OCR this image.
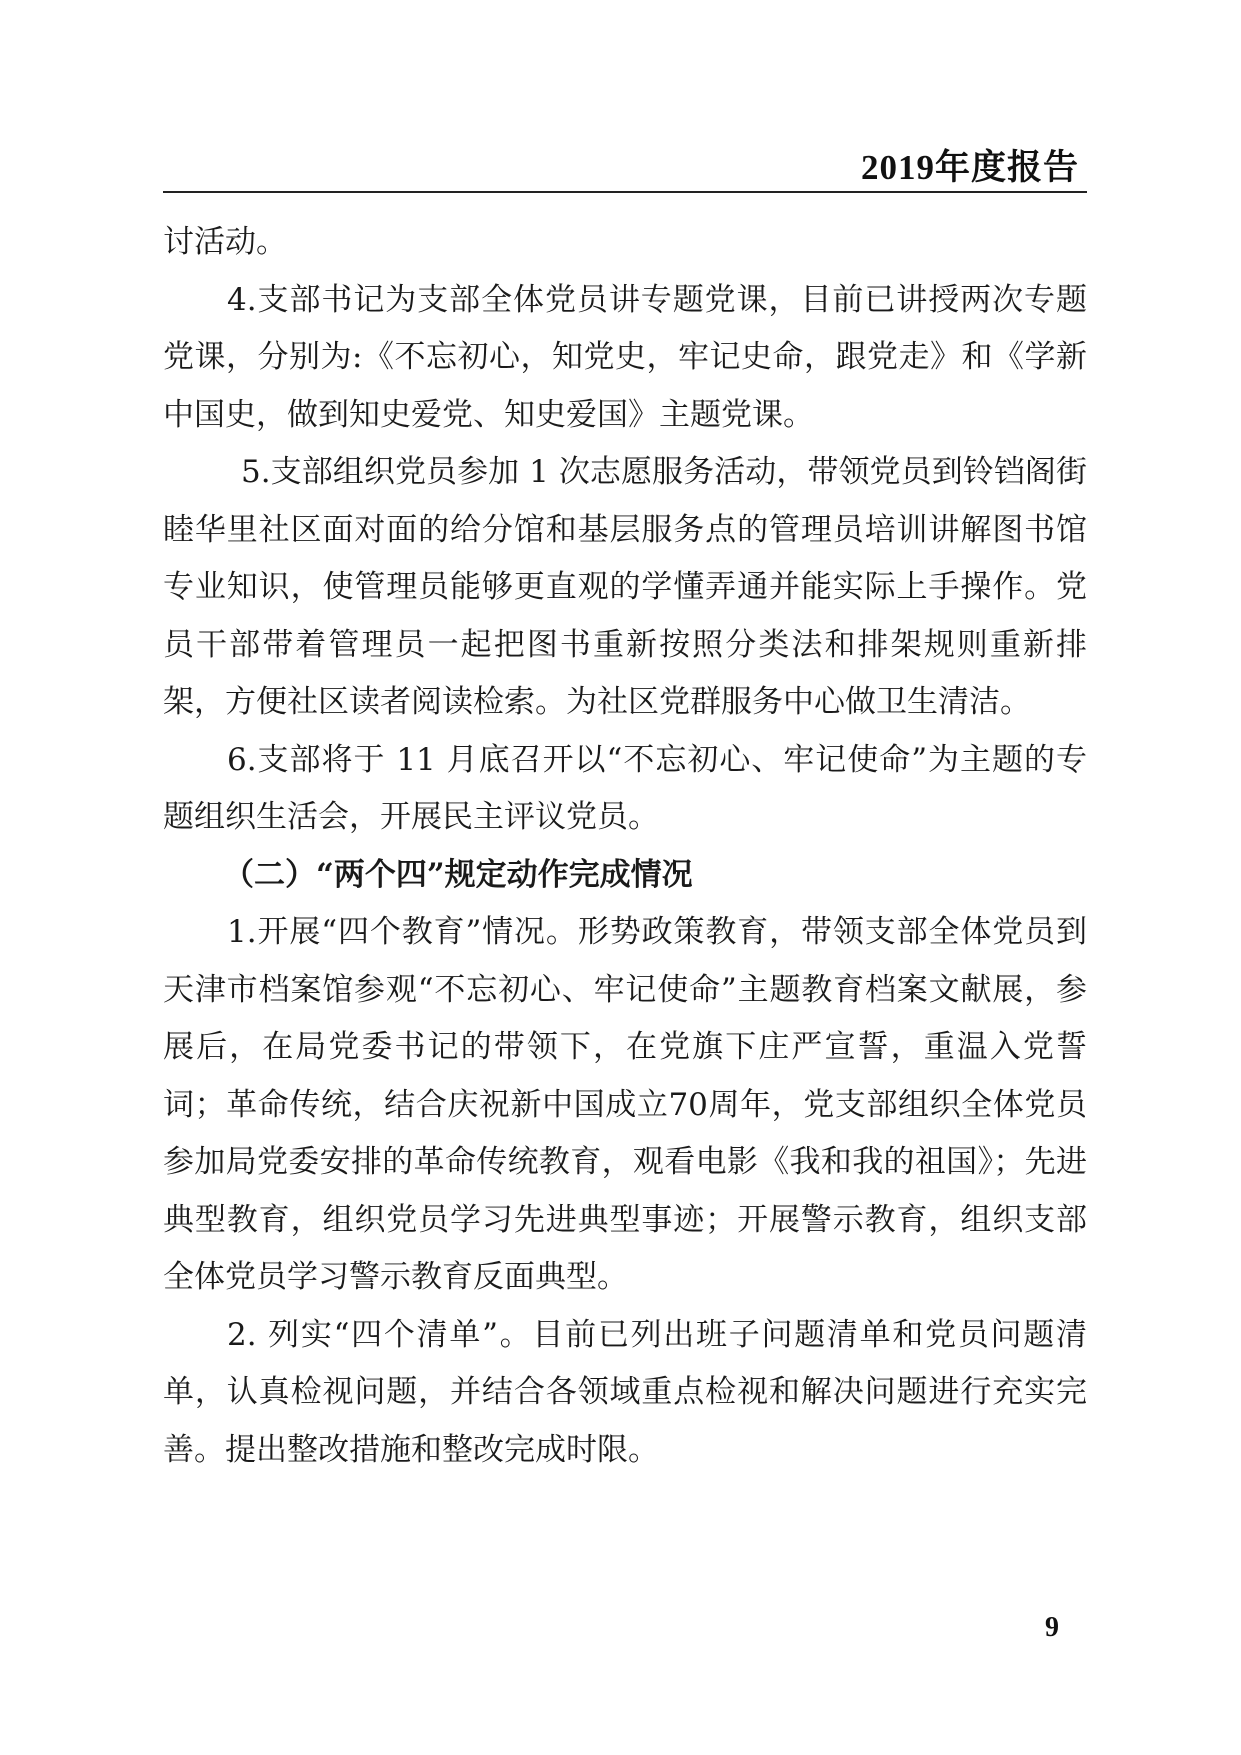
2019年度报告

讨活动。

4.支部书记为支部全体党员讲专题党课，目前已讲授两次专题党课，分别为:《不忘初心，知党史，牢记史命，跟党走》和《学新中国史，做到知史爱党、知史爱国》主题党课。

5.支部组织党员参加 1 次志愿服务活动，带领党员到铃铛阁街睦华里社区面对面的给分馆和基层服务点的管理员培训讲解图书馆专业知识，使管理员能够更直观的学懂弄通并能实际上手操作。党员干部带着管理员一起把图书重新按照分类法和排架规则重新排架，方便社区读者阅读检索。为社区党群服务中心做卫生清洁。

6.支部将于 11 月底召开以“不忘初心、牢记使命”为主题的专题组织生活会，开展民主评议党员。

（二）“两个四”规定动作完成情况

1.开展“四个教育”情况。形势政策教育，带领支部全体党员到天津市档案馆参观“不忘初心、牢记使命”主题教育档案文献展，参展后，在局党委书记的带领下，在党旗下庄严宣誓，重温入党誓词；革命传统，结合庆祝新中国成立70周年，党支部组织全体党员参加局党委安排的革命传统教育，观看电影《我和我的祖国》；先进典型教育，组织党员学习先进典型事迹；开展警示教育，组织支部全体党员学习警示教育反面典型。

2. 列实“四个清单”。目前已列出班子问题清单和党员问题清单，认真检视问题，并结合各领域重点检视和解决问题进行充实完善。提出整改措施和整改完成时限。

9
